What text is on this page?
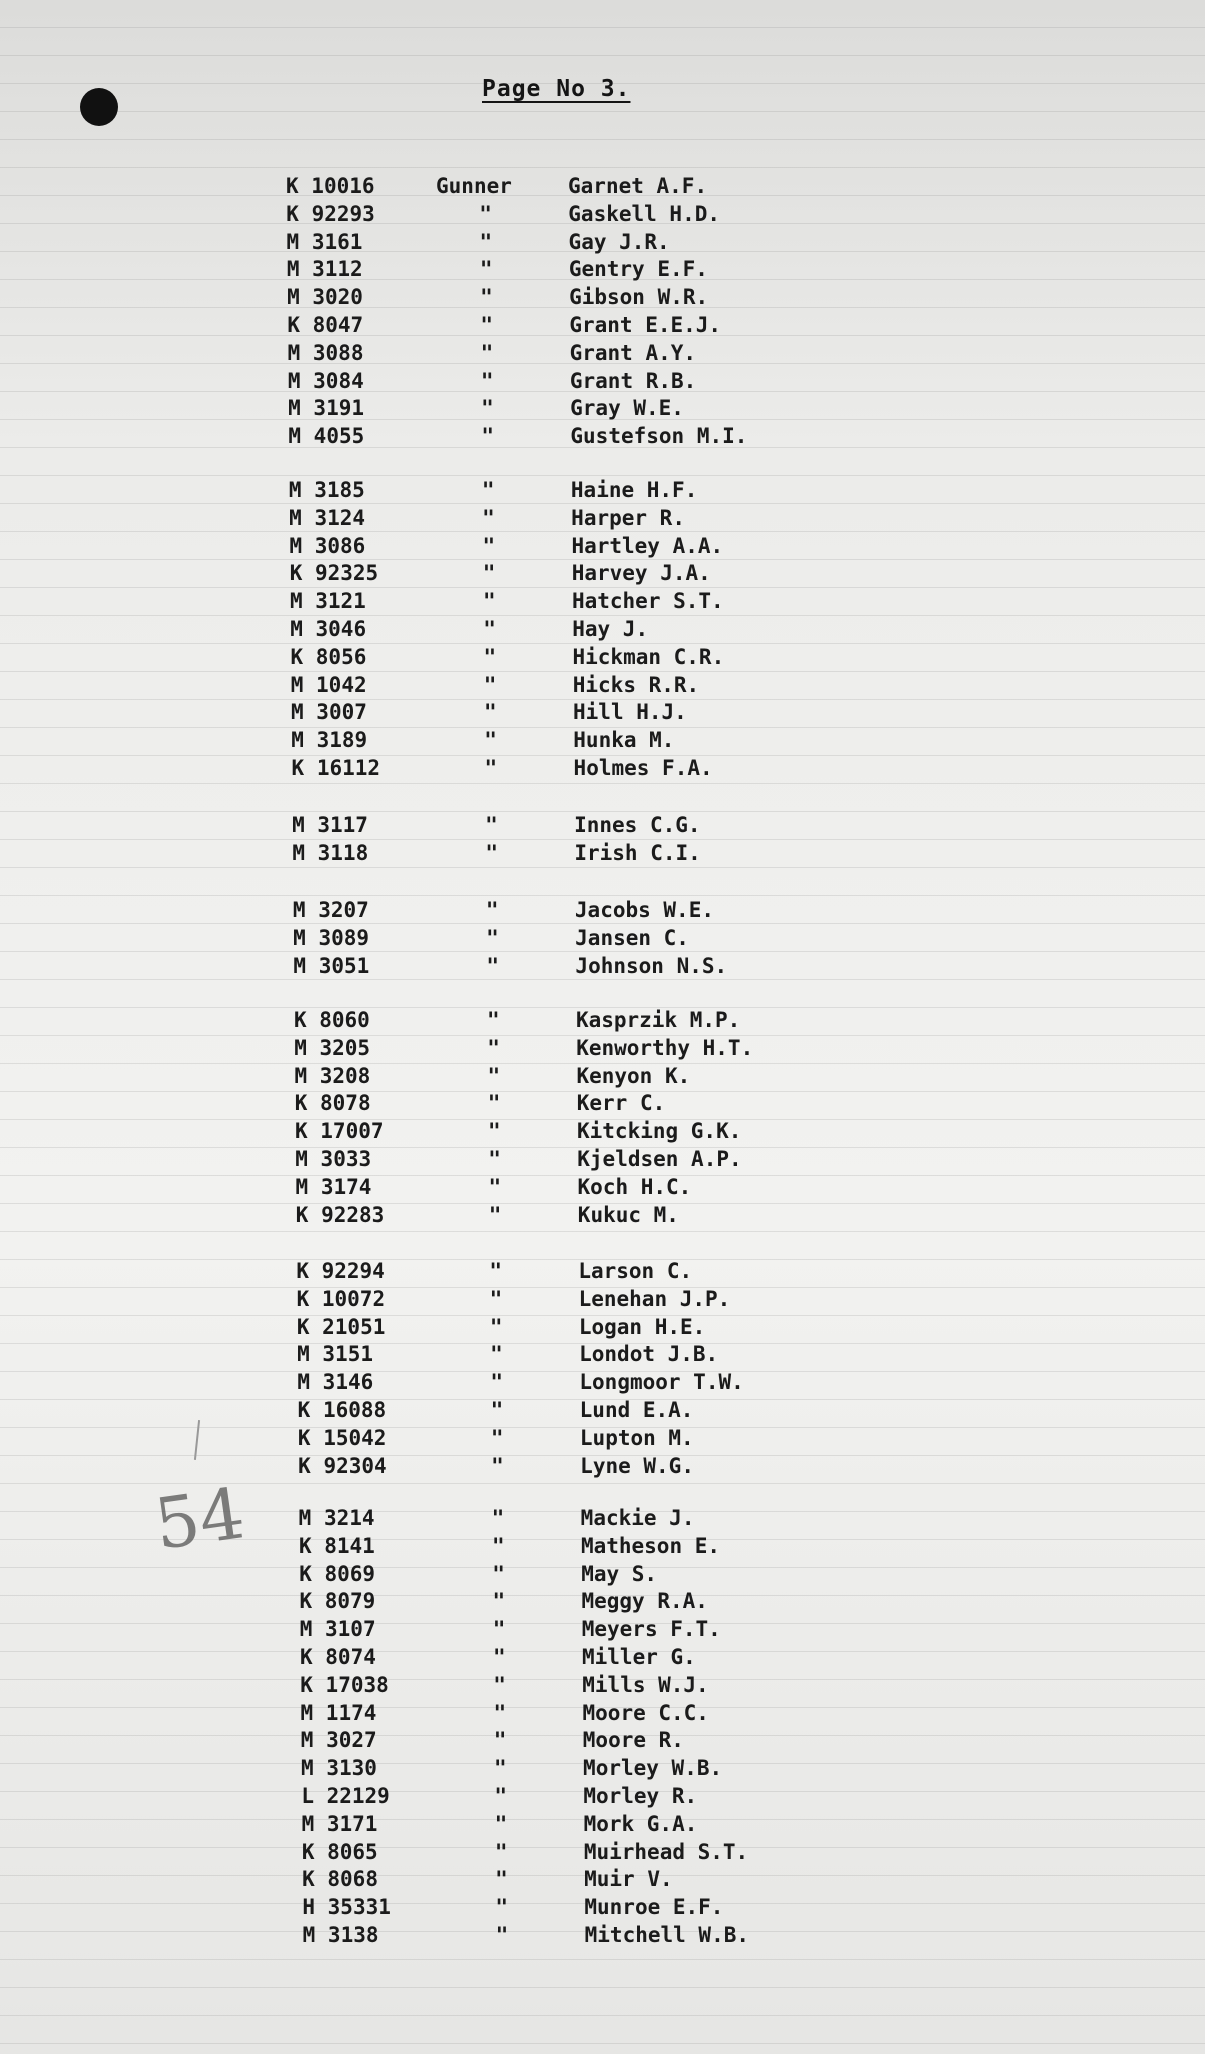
Page No 3.
K 10016	Gunner	Garnet A.F.
K 92293	"	Gaskell H.D.
M 3161	"	Gay J.R.
M 3112	"	Gentry E.F.
M 3020	"	Gibson W.R.
K 8047	"	Grant E.E.J.
M 3088	"	Grant A.Y.
M 3084	"	Grant R.B.
M 3191	"	Gray W.E.
M 4055	"	Gustefson M.I.
M 3185	"	Haine H.F.
M 3124	"	Harper R.
M 3086	"	Hartley A.A.
K 92325	"	Harvey J.A.
M 3121	"	Hatcher S.T.
M 3046	"	Hay J.
K 8056	"	Hickman C.R.
M 1042	"	Hicks R.R.
M 3007	"	Hill H.J.
M 3189	"	Hunka M.
K 16112	"	Holmes F.A.
M 3117	"	Innes C.G.
M 3118	"	Irish C.I.
M 3207	"	Jacobs W.E.
M 3089	"	Jansen C.
M 3051	"	Johnson N.S.
K 8060	"	Kasprzik M.P.
M 3205	"	Kenworthy H.T.
M 3208	"	Kenyon K.
K 8078	"	Kerr C.
K 17007	"	Kitcking G.K.
M 3033	"	Kjeldsen A.P.
M 3174	"	Koch H.C.
K 92283	"	Kukuc M.
K 92294	"	Larson C.
K 10072	"	Lenehan J.P.
K 21051	"	Logan H.E.
M 3151	"	Londot J.B.
M 3146	"	Longmoor T.W.
K 16088	"	Lund E.A.
K 15042	"	Lupton M.
K 92304	"	Lyne W.G.
M 3214	"	Mackie J.
K 8141	"	Matheson E.
K 8069	"	May S.
K 8079	"	Meggy R.A.
M 3107	"	Meyers F.T.
K 8074	"	Miller G.
K 17038	"	Mills W.J.
M 1174	"	Moore C.C.
M 3027	"	Moore R.
M 3130	"	Morley W.B.
L 22129	"	Morley R.
M 3171	"	Mork G.A.
K 8065	"	Muirhead S.T.
K 8068	"	Muir V.
H 35331	"	Munroe E.F.
M 3138	"	Mitchell W.B.
54
